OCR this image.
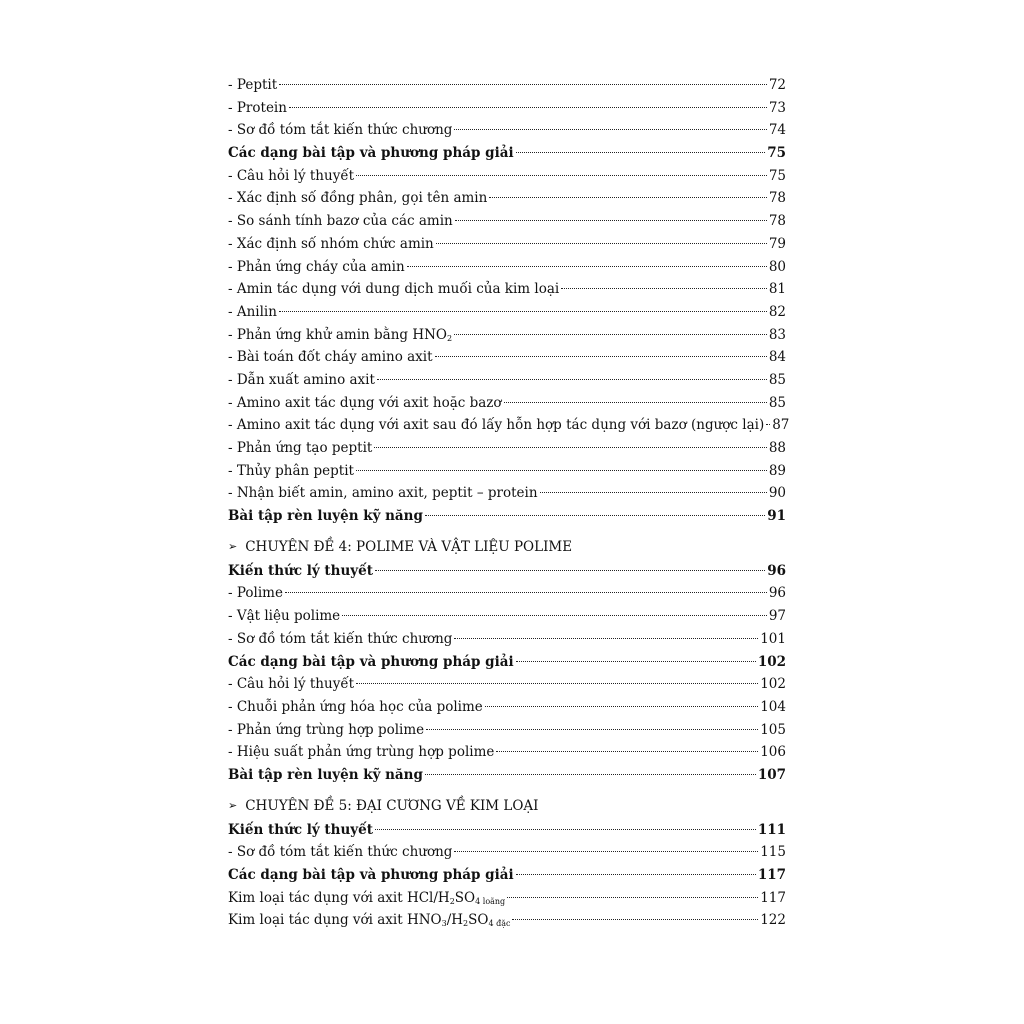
- Peptit	72
- Protein	73
- Sơ đồ tóm tắt kiến thức chương	74
Các dạng bài tập và phương pháp giải	75
- Câu hỏi lý thuyết	75
- Xác định số đồng phân, gọi tên amin	78
- So sánh tính bazơ của các amin	78
- Xác định số nhóm chức amin	79
- Phản ứng cháy của amin	80
- Amin tác dụng với dung dịch muối của kim loại	81
- Anilin	82
- Phản ứng khử amin bằng $HNO_2$	83
- Bài toán đốt cháy amino axit	84
- Dẫn xuất amino axit	85
- Amino axit tác dụng với axit hoặc bazơ	85
- Amino axit tác dụng với axit sau đó lấy hỗn hợp tác dụng với bazơ (ngược lại) 87
- Phản ứng tạo peptit	88
- Thủy phân peptit	89
- Nhận biết amin, amino axit, peptit – protein	90
Bài tập rèn luyện kỹ năng	91
➢ CHUYÊN ĐỀ 4: POLIME VÀ VẬT LIỆU POLIME
Kiến thức lý thuyết	96
- Polime	96
- Vật liệu polime	97
- Sơ đồ tóm tắt kiến thức chương	101
Các dạng bài tập và phương pháp giải	102
- Câu hỏi lý thuyết	102
- Chuỗi phản ứng hóa học của polime	104
- Phản ứng trùng hợp polime	105
- Hiệu suất phản ứng trùng hợp polime	106
Bài tập rèn luyện kỹ năng	107
➢ CHUYÊN ĐỀ 5: ĐẠI CƯƠNG VỀ KIM LOẠI
Kiến thức lý thuyết	111
- Sơ đồ tóm tắt kiến thức chương	115
Các dạng bài tập và phương pháp giải	117
Kim loại tác dụng với axit HCl/$H_2SO_{4 loãng}$	117
Kim loại tác dụng với axit $HNO_3/H_2SO_{4 đặc}$	122
